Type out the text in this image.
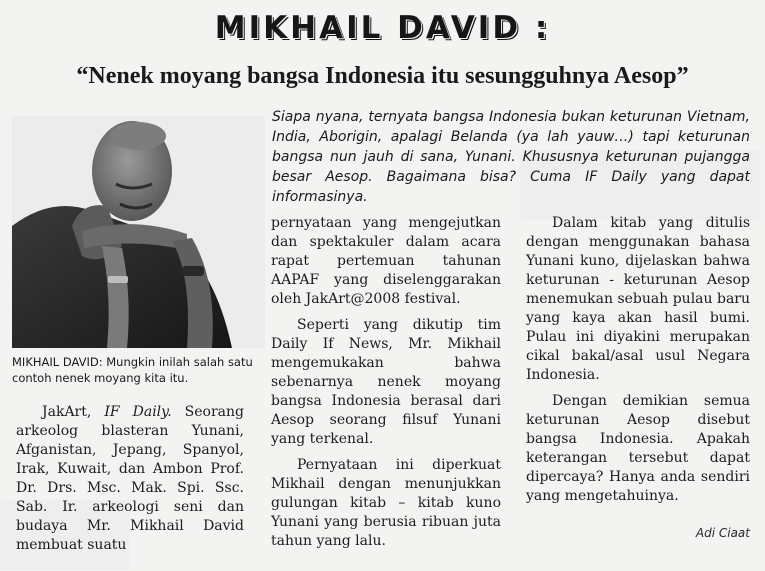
MIKHAIL DAVID :
“Nenek moyang bangsa Indonesia itu sesungguhnya Aesop”
Siapa nyana, ternyata bangsa Indonesia bukan keturunan Vietnam, India, Aborigin, apalagi Belanda (ya lah yauw…) tapi keturunan bangsa nun jauh di sana, Yunani. Khususnya keturunan pujangga besar Aesop. Bagaimana bisa? Cuma IF Daily yang dapat informasinya.
MIKHAIL DAVID: Mungkin inilah salah satu contoh nenek moyang kita itu.

JakArt, IF Daily. Seorang arkeolog blasteran Yunani, Afganistan, Jepang, Spanyol, Irak, Kuwait, dan Ambon Prof. Dr. Drs. Msc. Mak. Spi. Ssc. Sab. Ir. arkeologi seni dan budaya Mr. Mikhail David membuat suatu

pernyataan yang mengejutkan dan spektakuler dalam acara rapat pertemuan tahunan AAPAF yang diselenggarakan oleh JakArt@2008 festival.

Seperti yang dikutip tim Daily If News, Mr. Mikhail mengemukakan bahwa sebenarnya nenek moyang bangsa Indonesia berasal dari Aesop seorang filsuf Yunani yang terkenal.

Pernyataan ini diperkuat Mikhail dengan menunjukkan gulungan kitab – kitab kuno Yunani yang berusia ribuan juta tahun yang lalu.

Dalam kitab yang ditulis dengan menggunakan bahasa Yunani kuno, dijelaskan bahwa keturunan - keturunan Aesop menemukan sebuah pulau baru yang kaya akan hasil bumi. Pulau ini diyakini merupakan cikal bakal/asal usul Negara Indonesia.

Dengan demikian semua keturunan Aesop disebut bangsa Indonesia. Apakah keterangan tersebut dapat dipercaya? Hanya anda sendiri yang mengetahuinya.

Adi Ciaat
